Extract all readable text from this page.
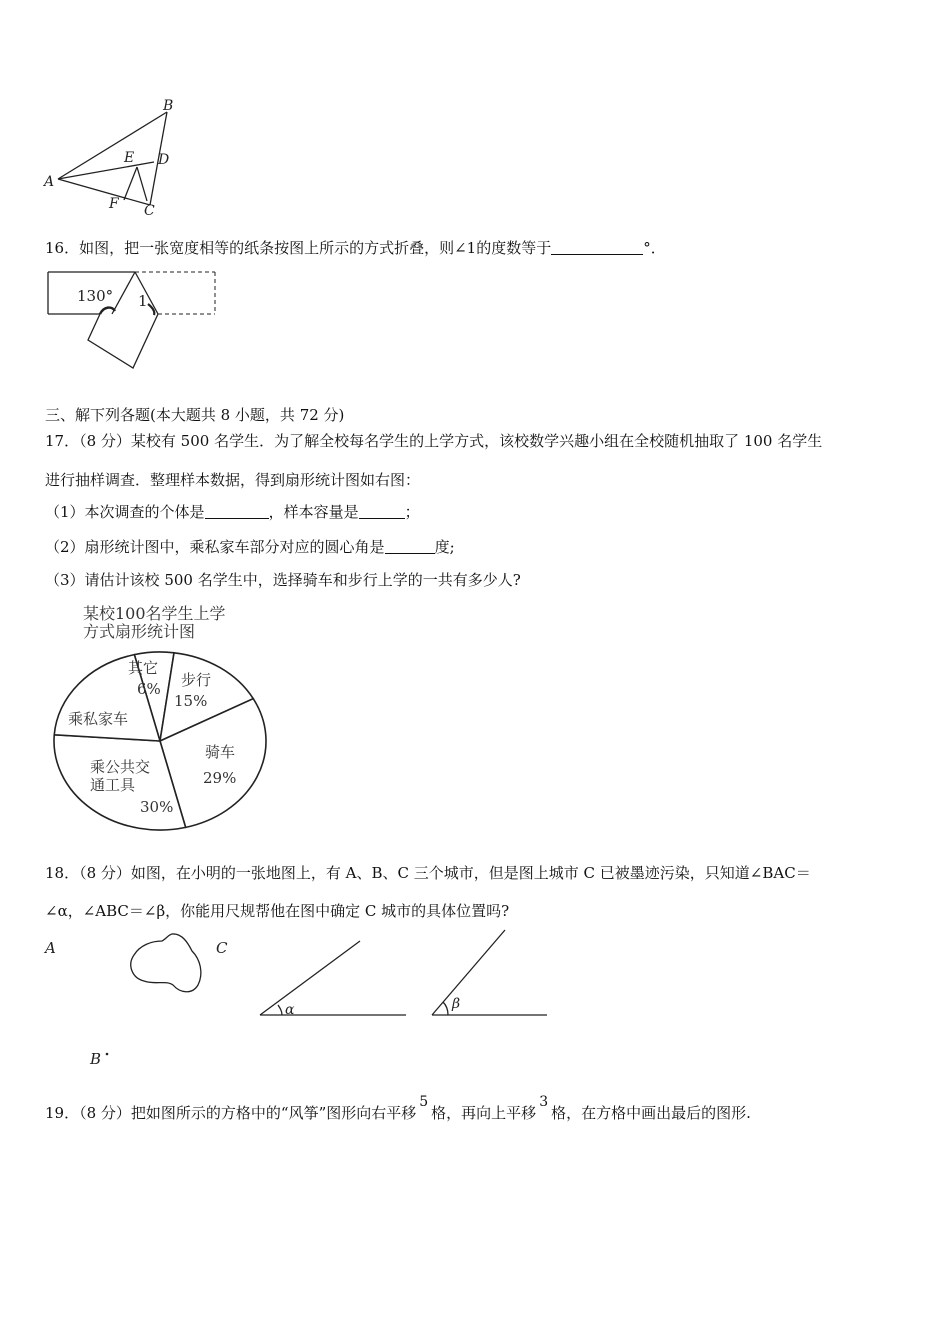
B
E D
A
F C
16．如图，把一张宽度相等的纸条按图上所示的方式折叠，则∠1的度数等于	°．
130° 1
三、解下列各题(本大题共 8 小题，共 72 分)
17．（8 分）某校有 500 名学生．为了解全校每名学生的上学方式，该校数学兴趣小组在全校随机抽取了 100 名学生
进行抽样调查．整理样本数据，得到扇形统计图如右图：
（1）本次调查的个体是	，样本容量是	；
（2）扇形统计图中，乘私家车部分对应的圆心角是	度;
（3）请估计该校 500 名学生中，选择骑车和步行上学的一共有多少人?
某校100名学生上学
方式扇形统计图
其它
6% 步行
15%
骑车
29%
乘公共交
通工具
30%
乘私家车
18．（8 分）如图，在小明的一张地图上，有 A、B、C 三个城市，但是图上城市 C 已被墨迹污染，只知道∠BAC＝
∠α，∠ABC＝∠β，你能用尺规帮他在图中确定 C 城市的具体位置吗?
A	C
B
α	β
19．（8 分）把如图所示的方格中的“风筝”图形向右平移5格，再向上平移3格，在方格中画出最后的图形.
